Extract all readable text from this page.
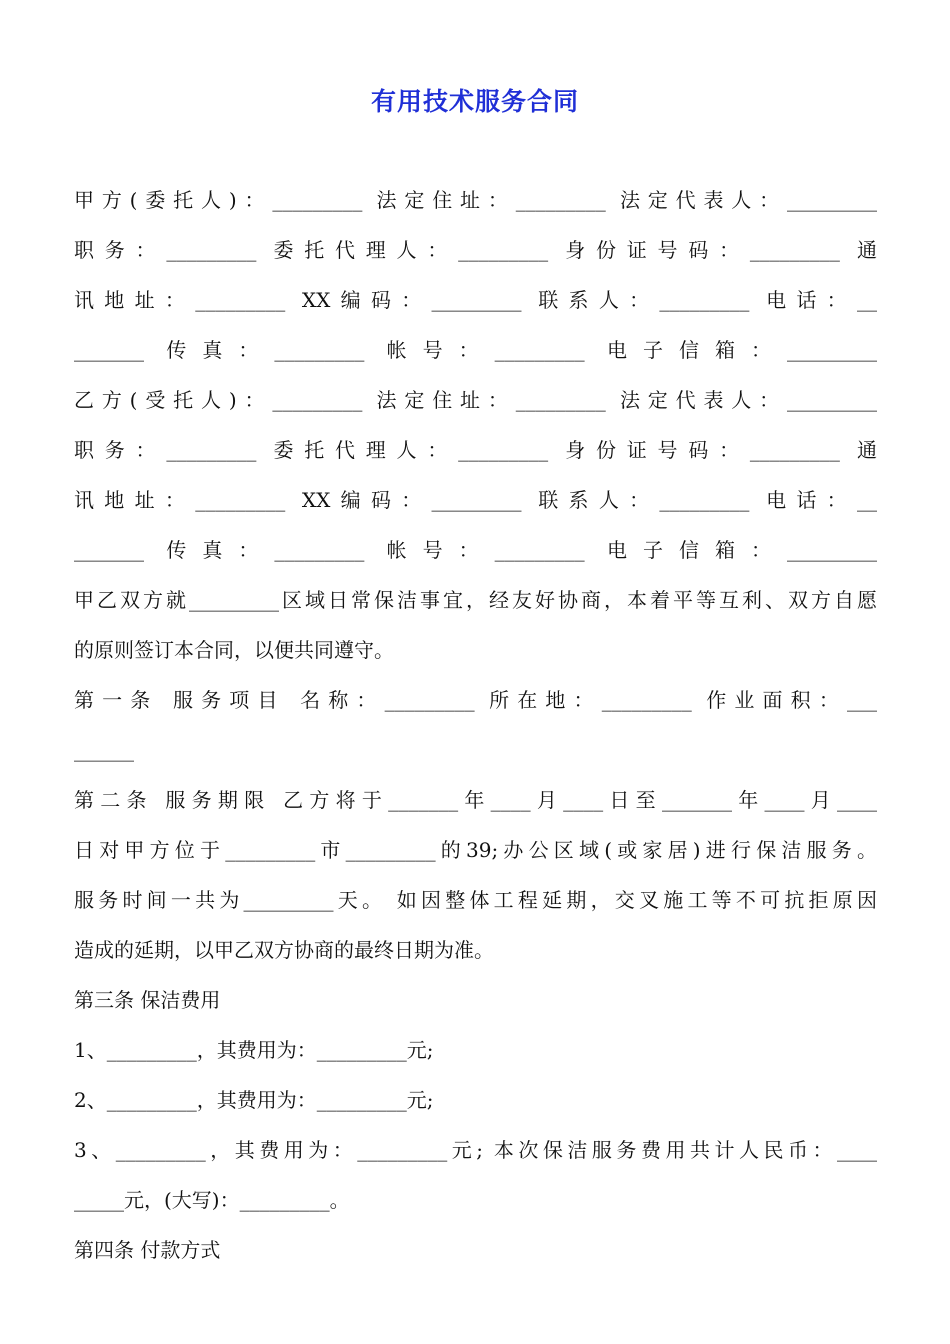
有用技术服务合同
甲方(委托人)：_________ 法定住址：_________ 法定代表人：_________
职务：_________ 委托代理人：_________ 身份证号码：_________ 通
讯地址：_________ XX编码：_________ 联系人：_________ 电话：__
_______ 传真：_________ 帐号：_________ 电子信箱：_________
乙方(受托人)：_________ 法定住址：_________ 法定代表人：_________
职务：_________ 委托代理人：_________ 身份证号码：_________ 通
讯地址：_________ XX编码：_________ 联系人：_________ 电话：__
_______ 传真：_________ 帐号：_________ 电子信箱：_________
甲乙双方就_________区域日常保洁事宜，经友好协商，本着平等互利、双方自愿
的原则签订本合同，以便共同遵守。
第一条 服务项目 名称：_________ 所在地：_________ 作业面积：___
______
第二条 服务期限 乙方将于_______年____月____日至_______年____月____
日对甲方位于_________市_________的39;办公区域(或家居)进行保洁服务。
服务时间一共为_________天。 如因整体工程延期，交叉施工等不可抗拒原因
造成的延期，以甲乙双方协商的最终日期为准。
第三条 保洁费用
1、_________，其费用为：_________元;
2、_________，其费用为：_________元;
3、_________，其费用为：_________元; 本次保洁服务费用共计人民币：____
_____元，(大写)：_________。
第四条 付款方式
